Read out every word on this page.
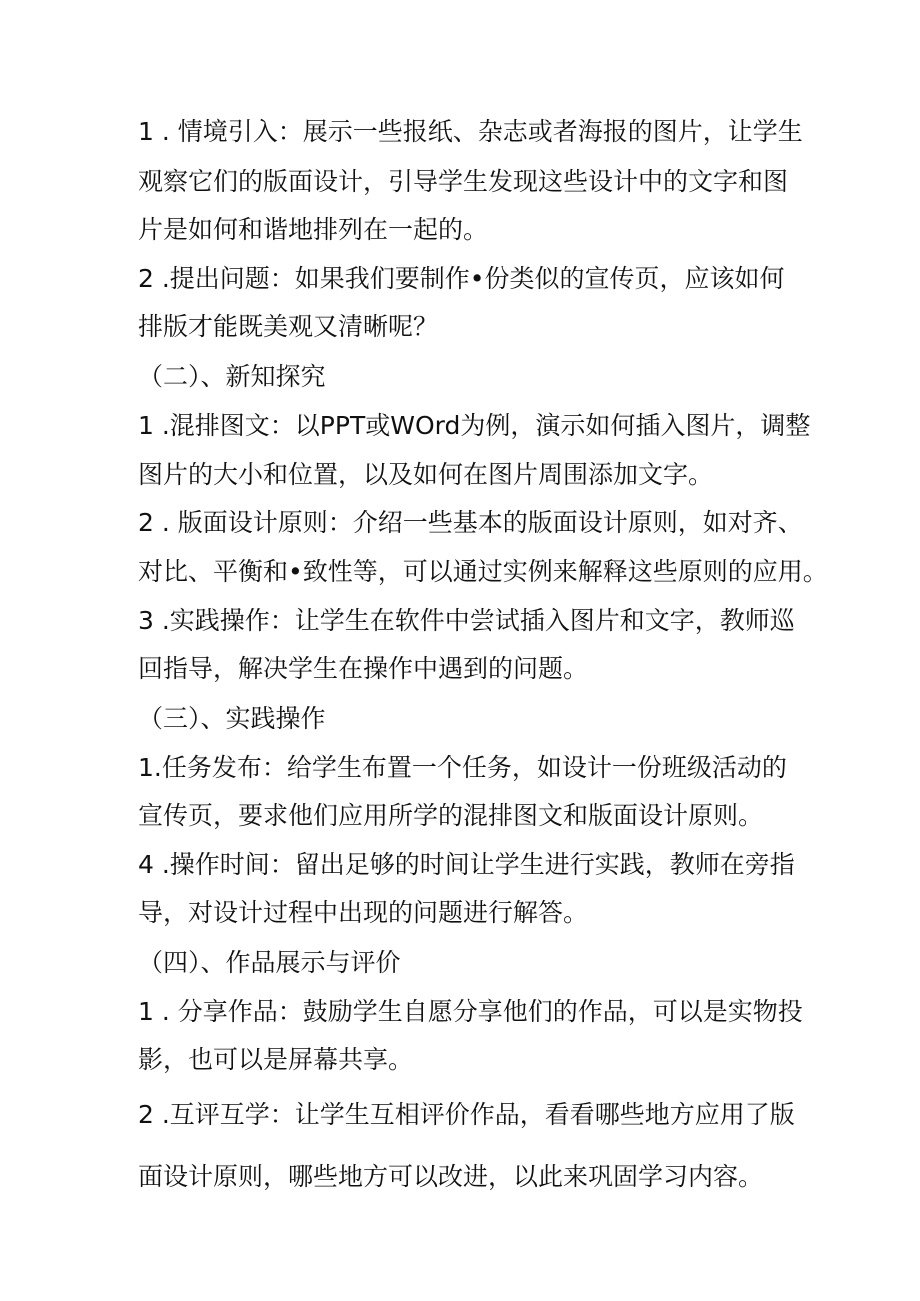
1 . 情境引入：展示一些报纸、杂志或者海报的图片，让学生
观察它们的版面设计，引导学生发现这些设计中的文字和图
片是如何和谐地排列在一起的。
2 .提出问题：如果我们要制作•份类似的宣传页，应该如何
排版才能既美观又清晰呢？
（二）、新知探究
1 .混排图文：以PPT或WOrd为例，演示如何插入图片，调整
图片的大小和位置，以及如何在图片周围添加文字。
2 . 版面设计原则：介绍一些基本的版面设计原则，如对齐、
对比、平衡和•致性等，可以通过实例来解释这些原则的应用。
3 .实践操作：让学生在软件中尝试插入图片和文字，教师巡
回指导，解决学生在操作中遇到的问题。
（三）、实践操作
1.任务发布：给学生布置一个任务，如设计一份班级活动的
宣传页，要求他们应用所学的混排图文和版面设计原则。
4 .操作时间：留出足够的时间让学生进行实践，教师在旁指
导，对设计过程中出现的问题进行解答。
（四）、作品展示与评价
1 . 分享作品：鼓励学生自愿分享他们的作品，可以是实物投
影，也可以是屏幕共享。
2 .互评互学：让学生互相评价作品，看看哪些地方应用了版
面设计原则，哪些地方可以改进，以此来巩固学习内容。
